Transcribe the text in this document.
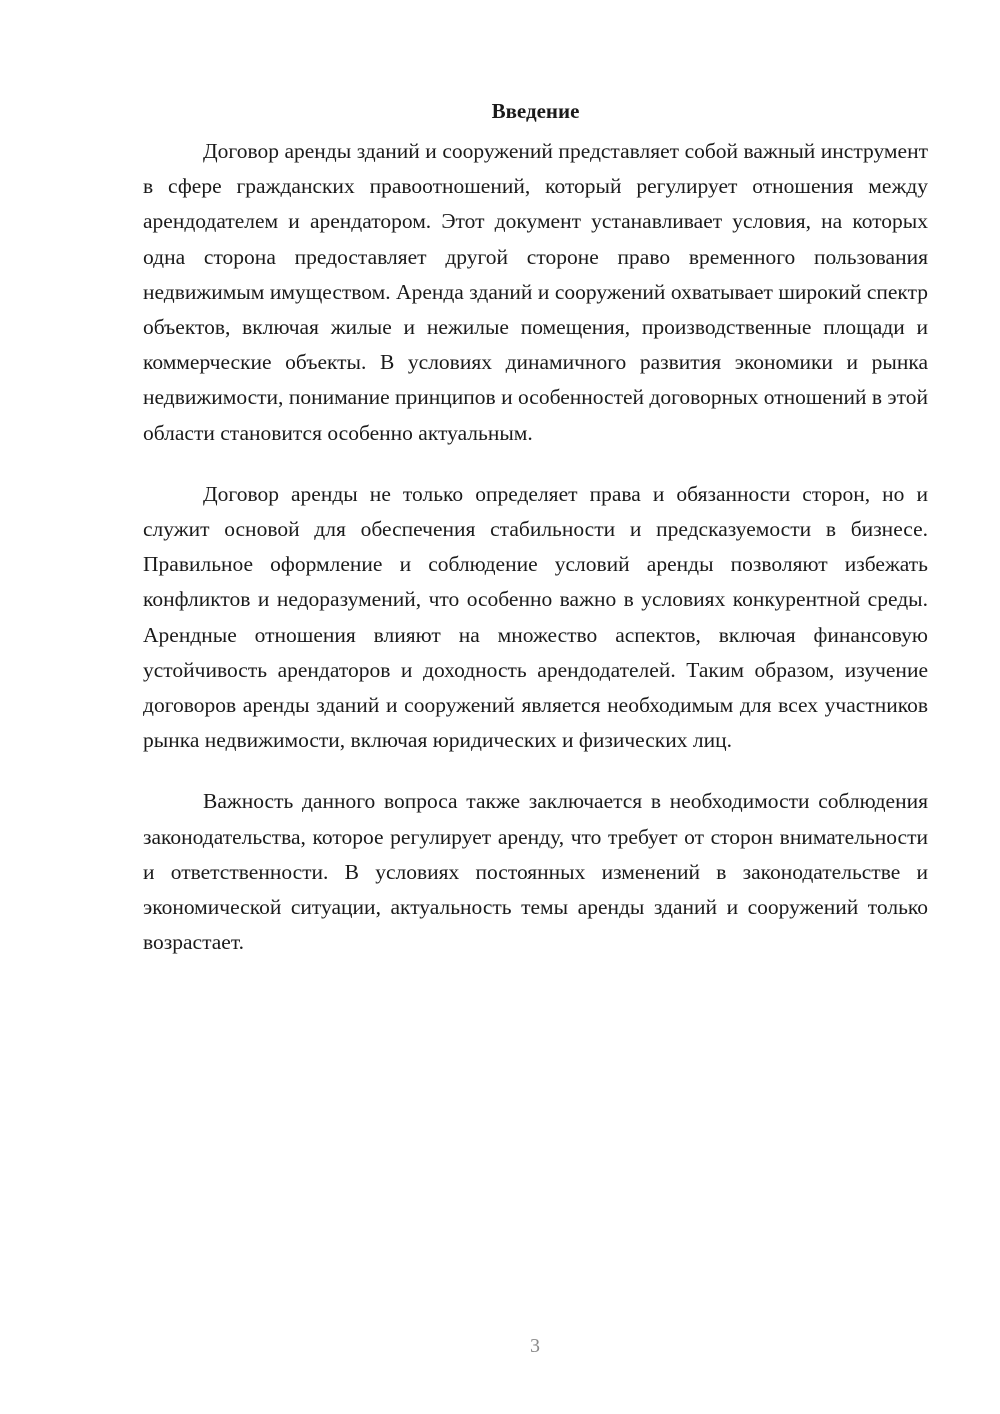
Введение

Договор аренды зданий и сооружений представляет собой важный инструмент в сфере гражданских правоотношений, который регулирует отношения между арендодателем и арендатором. Этот документ устанавливает условия, на которых одна сторона предоставляет другой стороне право временного пользования недвижимым имуществом. Аренда зданий и сооружений охватывает широкий спектр объектов, включая жилые и нежилые помещения, производственные площади и коммерческие объекты. В условиях динамичного развития экономики и рынка недвижимости, понимание принципов и особенностей договорных отношений в этой области становится особенно актуальным.

Договор аренды не только определяет права и обязанности сторон, но и служит основой для обеспечения стабильности и предсказуемости в бизнесе. Правильное оформление и соблюдение условий аренды позволяют избежать конфликтов и недоразумений, что особенно важно в условиях конкурентной среды. Арендные отношения влияют на множество аспектов, включая финансовую устойчивость арендаторов и доходность арендодателей. Таким образом, изучение договоров аренды зданий и сооружений является необходимым для всех участников рынка недвижимости, включая юридических и физических лиц.

Важность данного вопроса также заключается в необходимости соблюдения законодательства, которое регулирует аренду, что требует от сторон внимательности и ответственности. В условиях постоянных изменений в законодательстве и экономической ситуации, актуальность темы аренды зданий и сооружений только возрастает.

3
